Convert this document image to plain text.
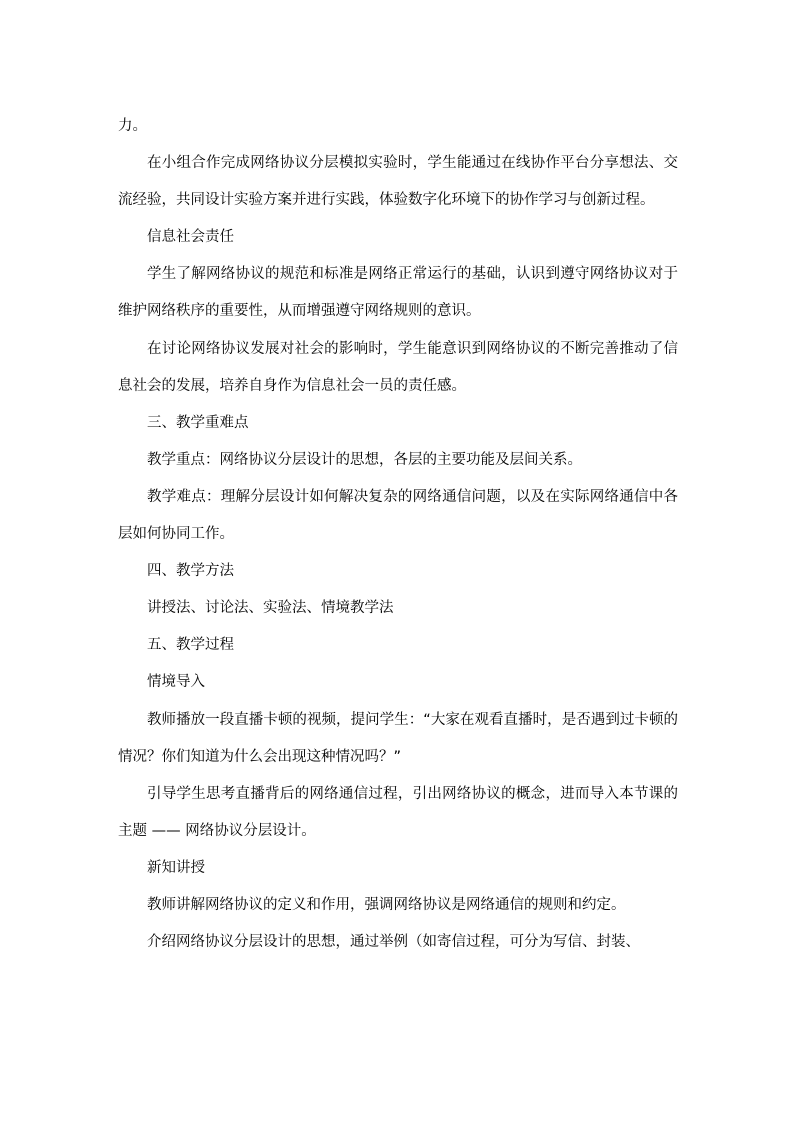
力。

在小组合作完成网络协议分层模拟实验时，学生能通过在线协作平台分享想法、交流经验，共同设计实验方案并进行实践，体验数字化环境下的协作学习与创新过程。

信息社会责任

学生了解网络协议的规范和标准是网络正常运行的基础，认识到遵守网络协议对于维护网络秩序的重要性，从而增强遵守网络规则的意识。

在讨论网络协议发展对社会的影响时，学生能意识到网络协议的不断完善推动了信息社会的发展，培养自身作为信息社会一员的责任感。

三、教学重难点

教学重点：网络协议分层设计的思想，各层的主要功能及层间关系。

教学难点：理解分层设计如何解决复杂的网络通信问题，以及在实际网络通信中各层如何协同工作。

四、教学方法

讲授法、讨论法、实验法、情境教学法

五、教学过程

情境导入

教师播放一段直播卡顿的视频，提问学生：“大家在观看直播时，是否遇到过卡顿的情况？你们知道为什么会出现这种情况吗？”

引导学生思考直播背后的网络通信过程，引出网络协议的概念，进而导入本节课的主题 —— 网络协议分层设计。

新知讲授

教师讲解网络协议的定义和作用，强调网络协议是网络通信的规则和约定。

介绍网络协议分层设计的思想，通过举例（如寄信过程，可分为写信、封装、
